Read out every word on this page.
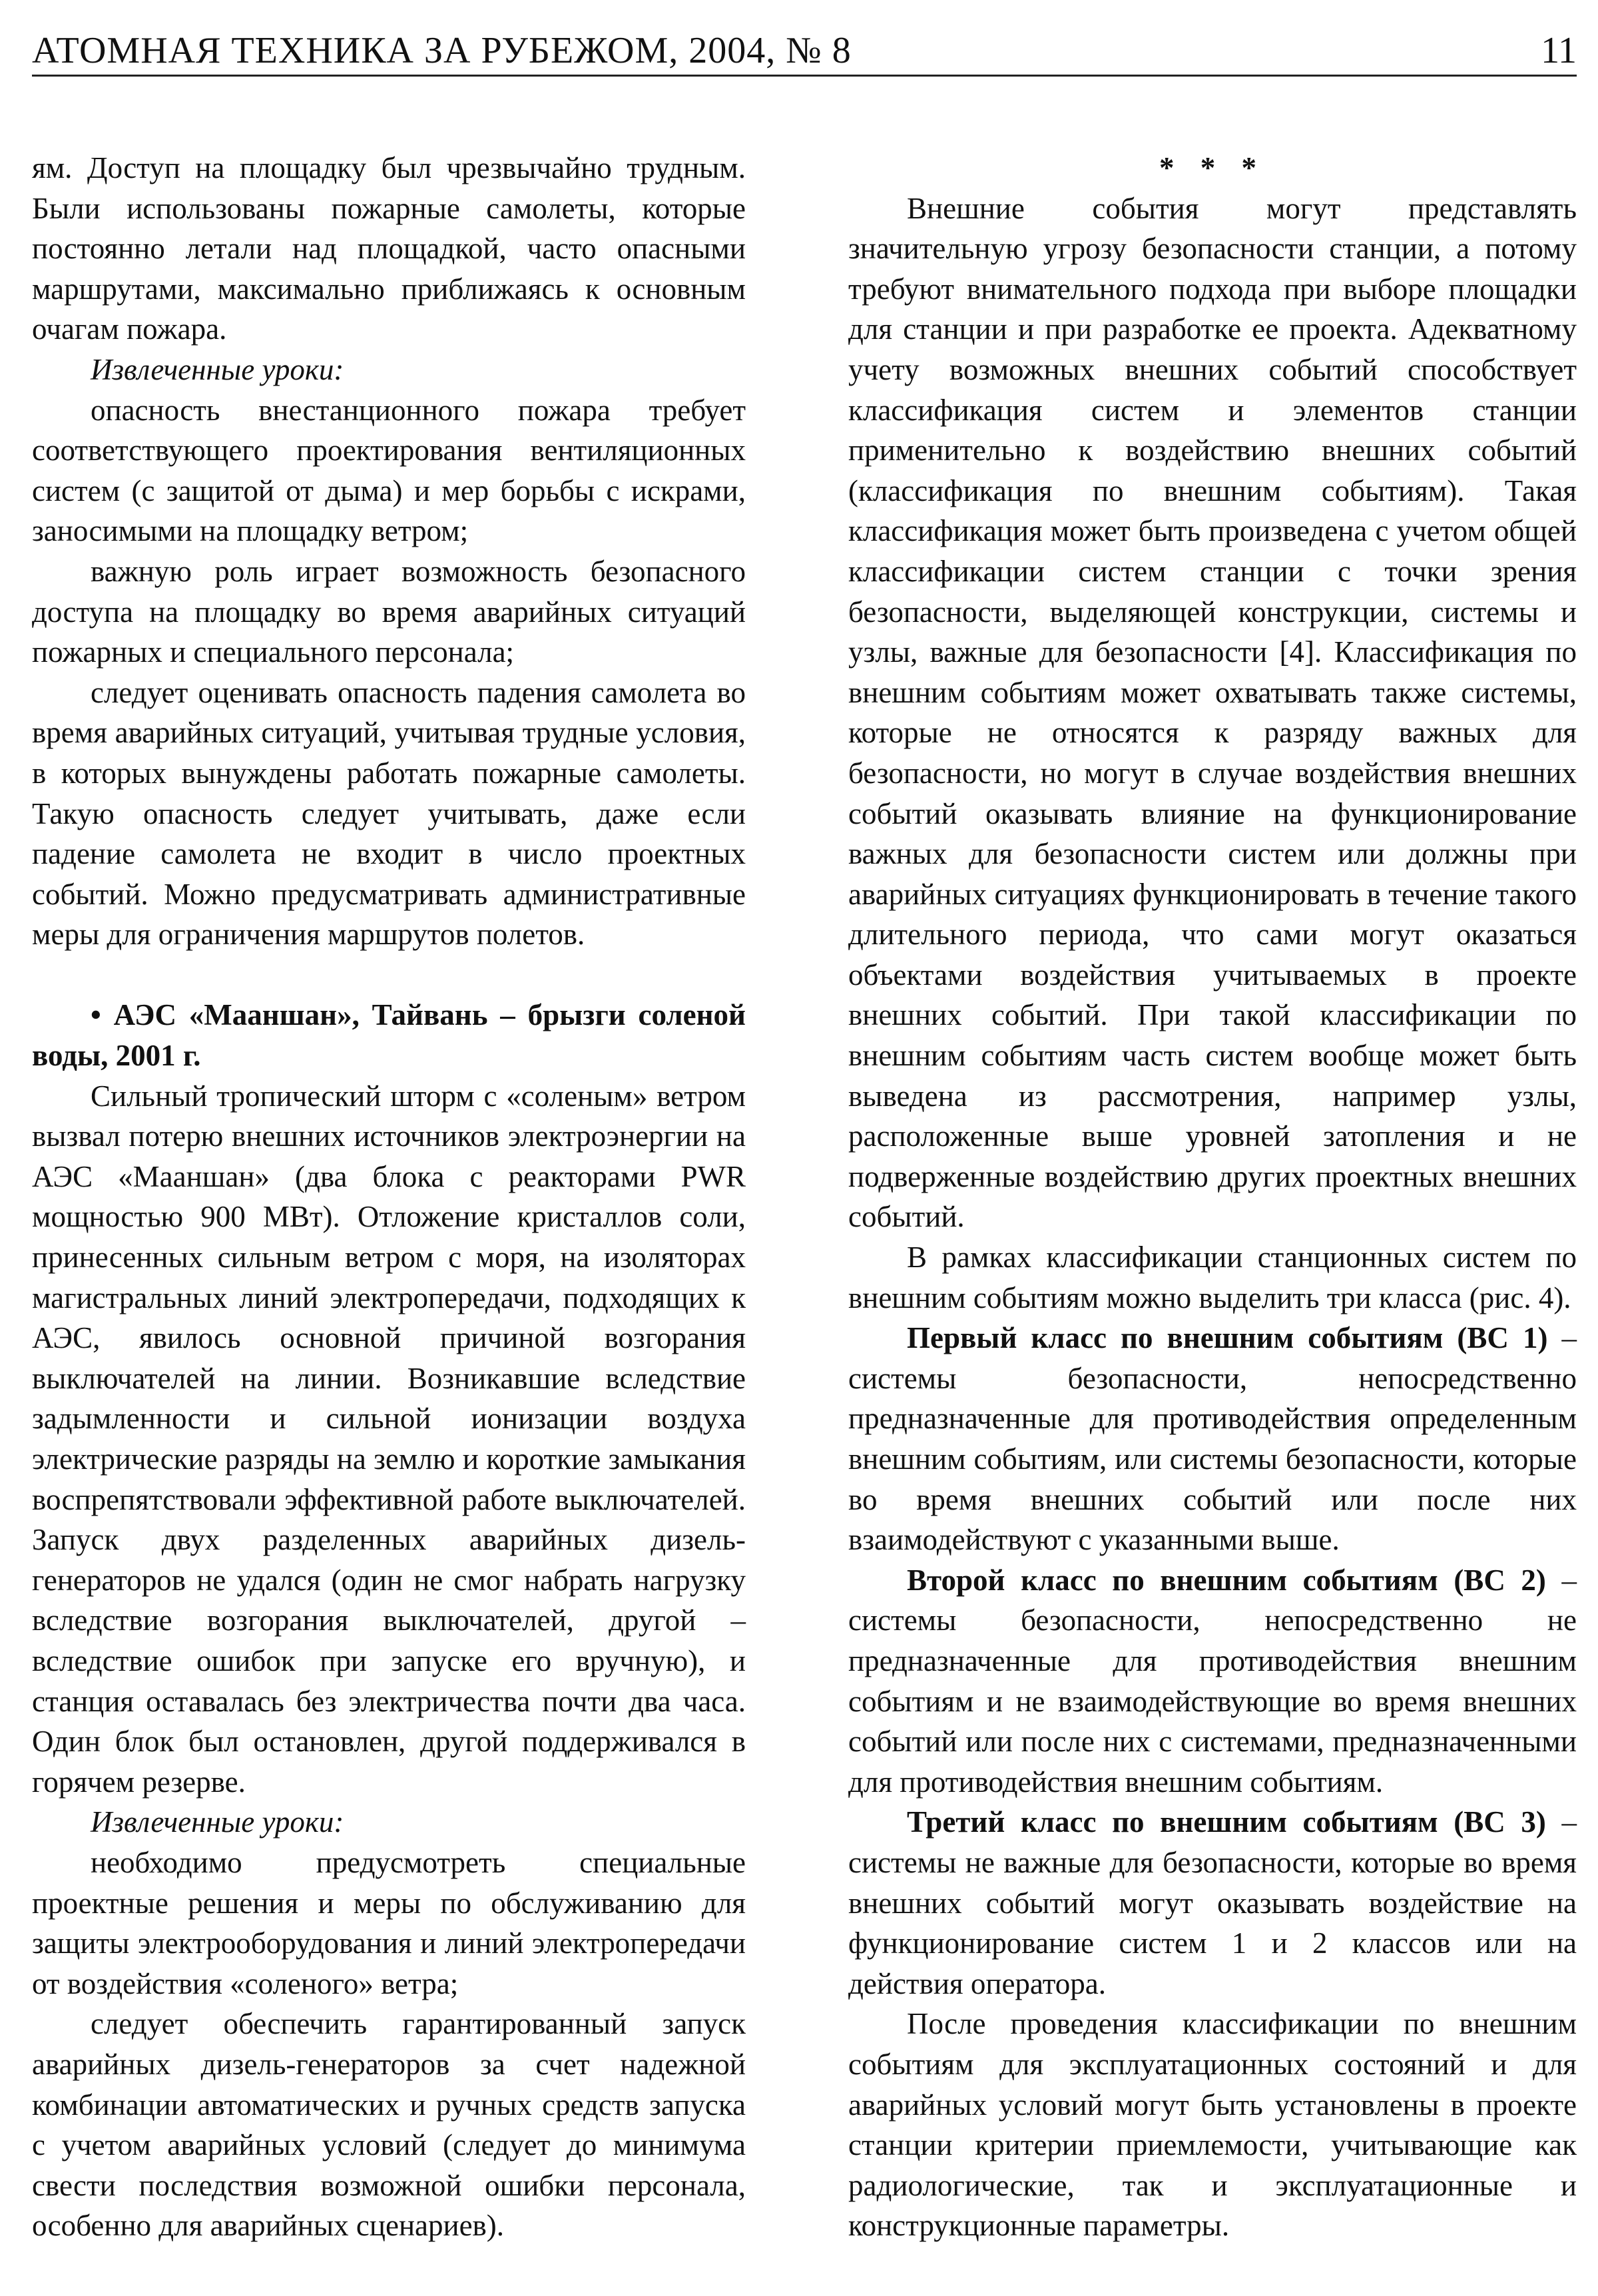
АТОМНАЯ ТЕХНИКА ЗА РУБЕЖОМ, 2004, № 8	11

ям. Доступ на площадку был чрезвычайно трудным. Были использованы пожарные самолеты, которые постоянно летали над площадкой, часто опасными маршрутами, максимально приближаясь к основным очагам пожара.

Извлеченные уроки:

опасность внестанционного пожара требует соответствующего проектирования вентиляционных систем (с защитой от дыма) и мер борьбы с искрами, заносимыми на площадку ветром;

важную роль играет возможность безопасного доступа на площадку во время аварийных ситуаций пожарных и специального персонала;

следует оценивать опасность падения самолета во время аварийных ситуаций, учитывая трудные условия, в которых вынуждены работать пожарные самолеты. Такую опасность следует учитывать, даже если падение самолета не входит в число проектных событий. Можно предусматривать административные меры для ограничения маршрутов полетов.

• АЭС «Мааншан», Тайвань – брызги соленой воды, 2001 г.

Сильный тропический шторм с «соленым» ветром вызвал потерю внешних источников электроэнергии на АЭС «Мааншан» (два блока с реакторами PWR мощностью 900 МВт). Отложение кристаллов соли, принесенных сильным ветром с моря, на изоляторах магистральных линий электропередачи, подходящих к АЭС, явилось основной причиной возгорания выключателей на линии. Возникавшие вследствие задымленности и сильной ионизации воздуха электрические разряды на землю и короткие замыкания воспрепятствовали эффективной работе выключателей. Запуск двух разделенных аварийных дизель-генераторов не удался (один не смог набрать нагрузку вследствие возгорания выключателей, другой – вследствие ошибок при запуске его вручную), и станция оставалась без электричества почти два часа. Один блок был остановлен, другой поддерживался в горячем резерве.

Извлеченные уроки:

необходимо предусмотреть специальные проектные решения и меры по обслуживанию для защиты электрооборудования и линий электропередачи от воздействия «соленого» ветра;

следует обеспечить гарантированный запуск аварийных дизель-генераторов за счет надежной комбинации автоматических и ручных средств запуска с учетом аварийных условий (следует до минимума свести последствия возможной ошибки персонала, особенно для аварийных сценариев).

* * *

Внешние события могут представлять значительную угрозу безопасности станции, а потому требуют внимательного подхода при выборе площадки для станции и при разработке ее проекта. Адекватному учету возможных внешних событий способствует классификация систем и элементов станции применительно к воздействию внешних событий (классификация по внешним событиям). Такая классификация может быть произведена с учетом общей классификации систем станции с точки зрения безопасности, выделяющей конструкции, системы и узлы, важные для безопасности [4]. Классификация по внешним событиям может охватывать также системы, которые не относятся к разряду важных для безопасности, но могут в случае воздействия внешних событий оказывать влияние на функционирование важных для безопасности систем или должны при аварийных ситуациях функционировать в течение такого длительного периода, что сами могут оказаться объектами воздействия учитываемых в проекте внешних событий. При такой классификации по внешним событиям часть систем вообще может быть выведена из рассмотрения, например узлы, расположенные выше уровней затопления и не подверженные воздействию других проектных внешних событий.

В рамках классификации станционных систем по внешним событиям можно выделить три класса (рис. 4).

Первый класс по внешним событиям (ВС 1) – системы безопасности, непосредственно предназначенные для противодействия определенным внешним событиям, или системы безопасности, которые во время внешних событий или после них взаимодействуют с указанными выше.

Второй класс по внешним событиям (ВС 2) – системы безопасности, непосредственно не предназначенные для противодействия внешним событиям и не взаимодействующие во время внешних событий или после них с системами, предназначенными для противодействия внешним событиям.

Третий класс по внешним событиям (ВС 3) – системы не важные для безопасности, которые во время внешних событий могут оказывать воздействие на функционирование систем 1 и 2 классов или на действия оператора.

После проведения классификации по внешним событиям для эксплуатационных состояний и для аварийных условий могут быть установлены в проекте станции критерии приемлемости, учитывающие как радиологические, так и эксплуатационные и конструкционные параметры.
